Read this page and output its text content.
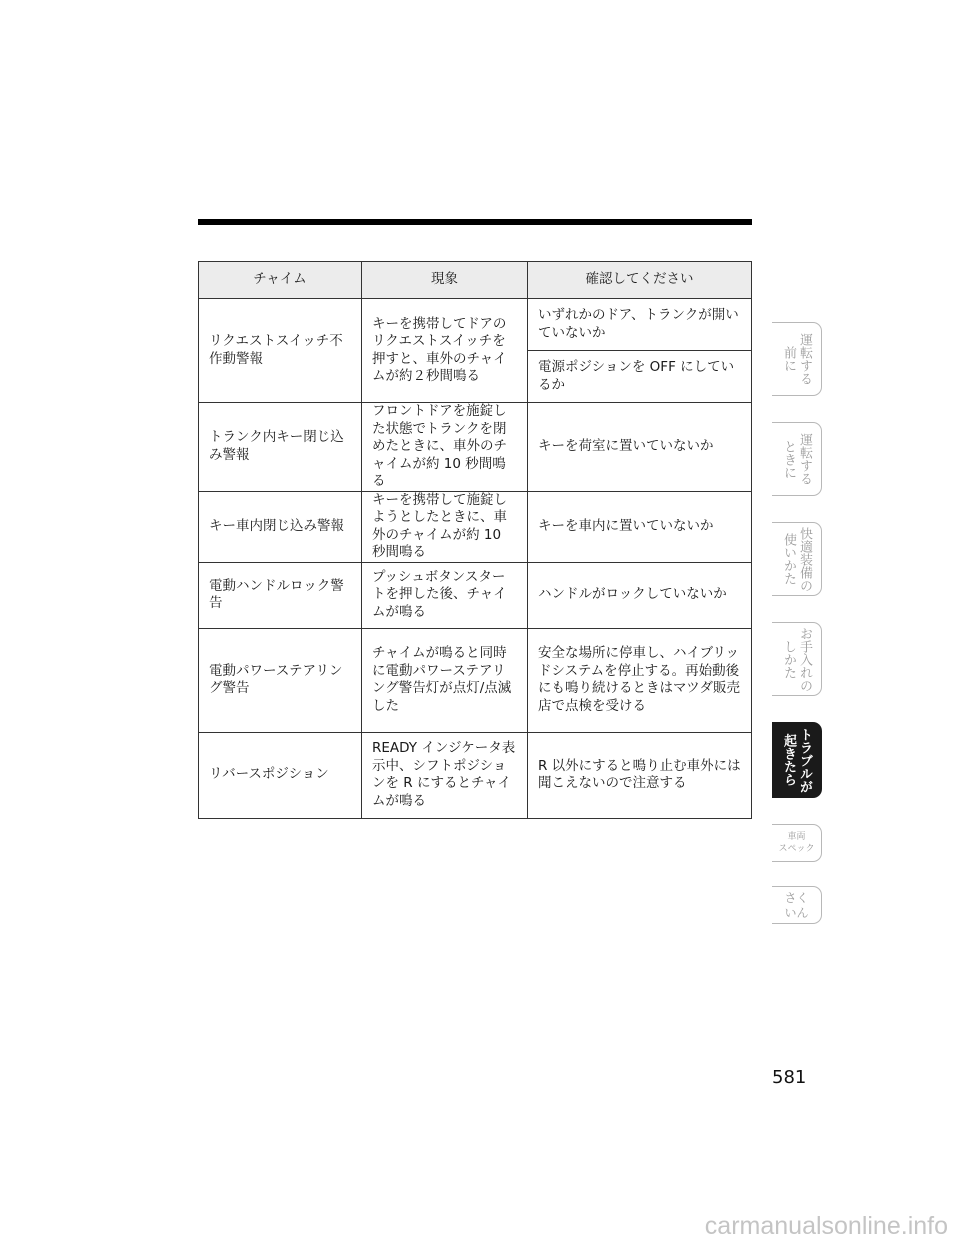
チャイム	現象	確認してください
リクエストスイッチ不作動警報	キーを携帯してドアのリクエストスイッチを押すと、車外のチャイムが約２秒間鳴る	いずれかのドア、トランクが開いていないか
		電源ポジションを OFF にしているか
トランク内キー閉じ込み警報	フロントドアを施錠した状態でトランクを閉めたときに、車外のチャイムが約 10 秒間鳴る	キーを荷室に置いていないか
キー車内閉じ込み警報	キーを携帯して施錠しようとしたときに、車外のチャイムが約 10 秒間鳴る	キーを車内に置いていないか
電動ハンドルロック警告	プッシュボタンスタートを押した後、チャイムが鳴る	ハンドルがロックしていないか
電動パワーステアリング警告	チャイムが鳴ると同時に電動パワーステアリング警告灯が点灯/点滅した	安全な場所に停車し、ハイブリッドシステムを停止する。再始動後にも鳴り続けるときはマツダ販売店で点検を受ける
リバースポジション	READY インジケータ表示中、シフトポジションを R にするとチャイムが鳴る	R 以外にすると鳴り止む車外には聞こえないので注意する
運転する
前に
運転する
ときに
快適装備の
使いかた
お手入れの
しかた
トラブルが
起きたら
車両
スペック
さく
いん
581
carmanualsonline.info
